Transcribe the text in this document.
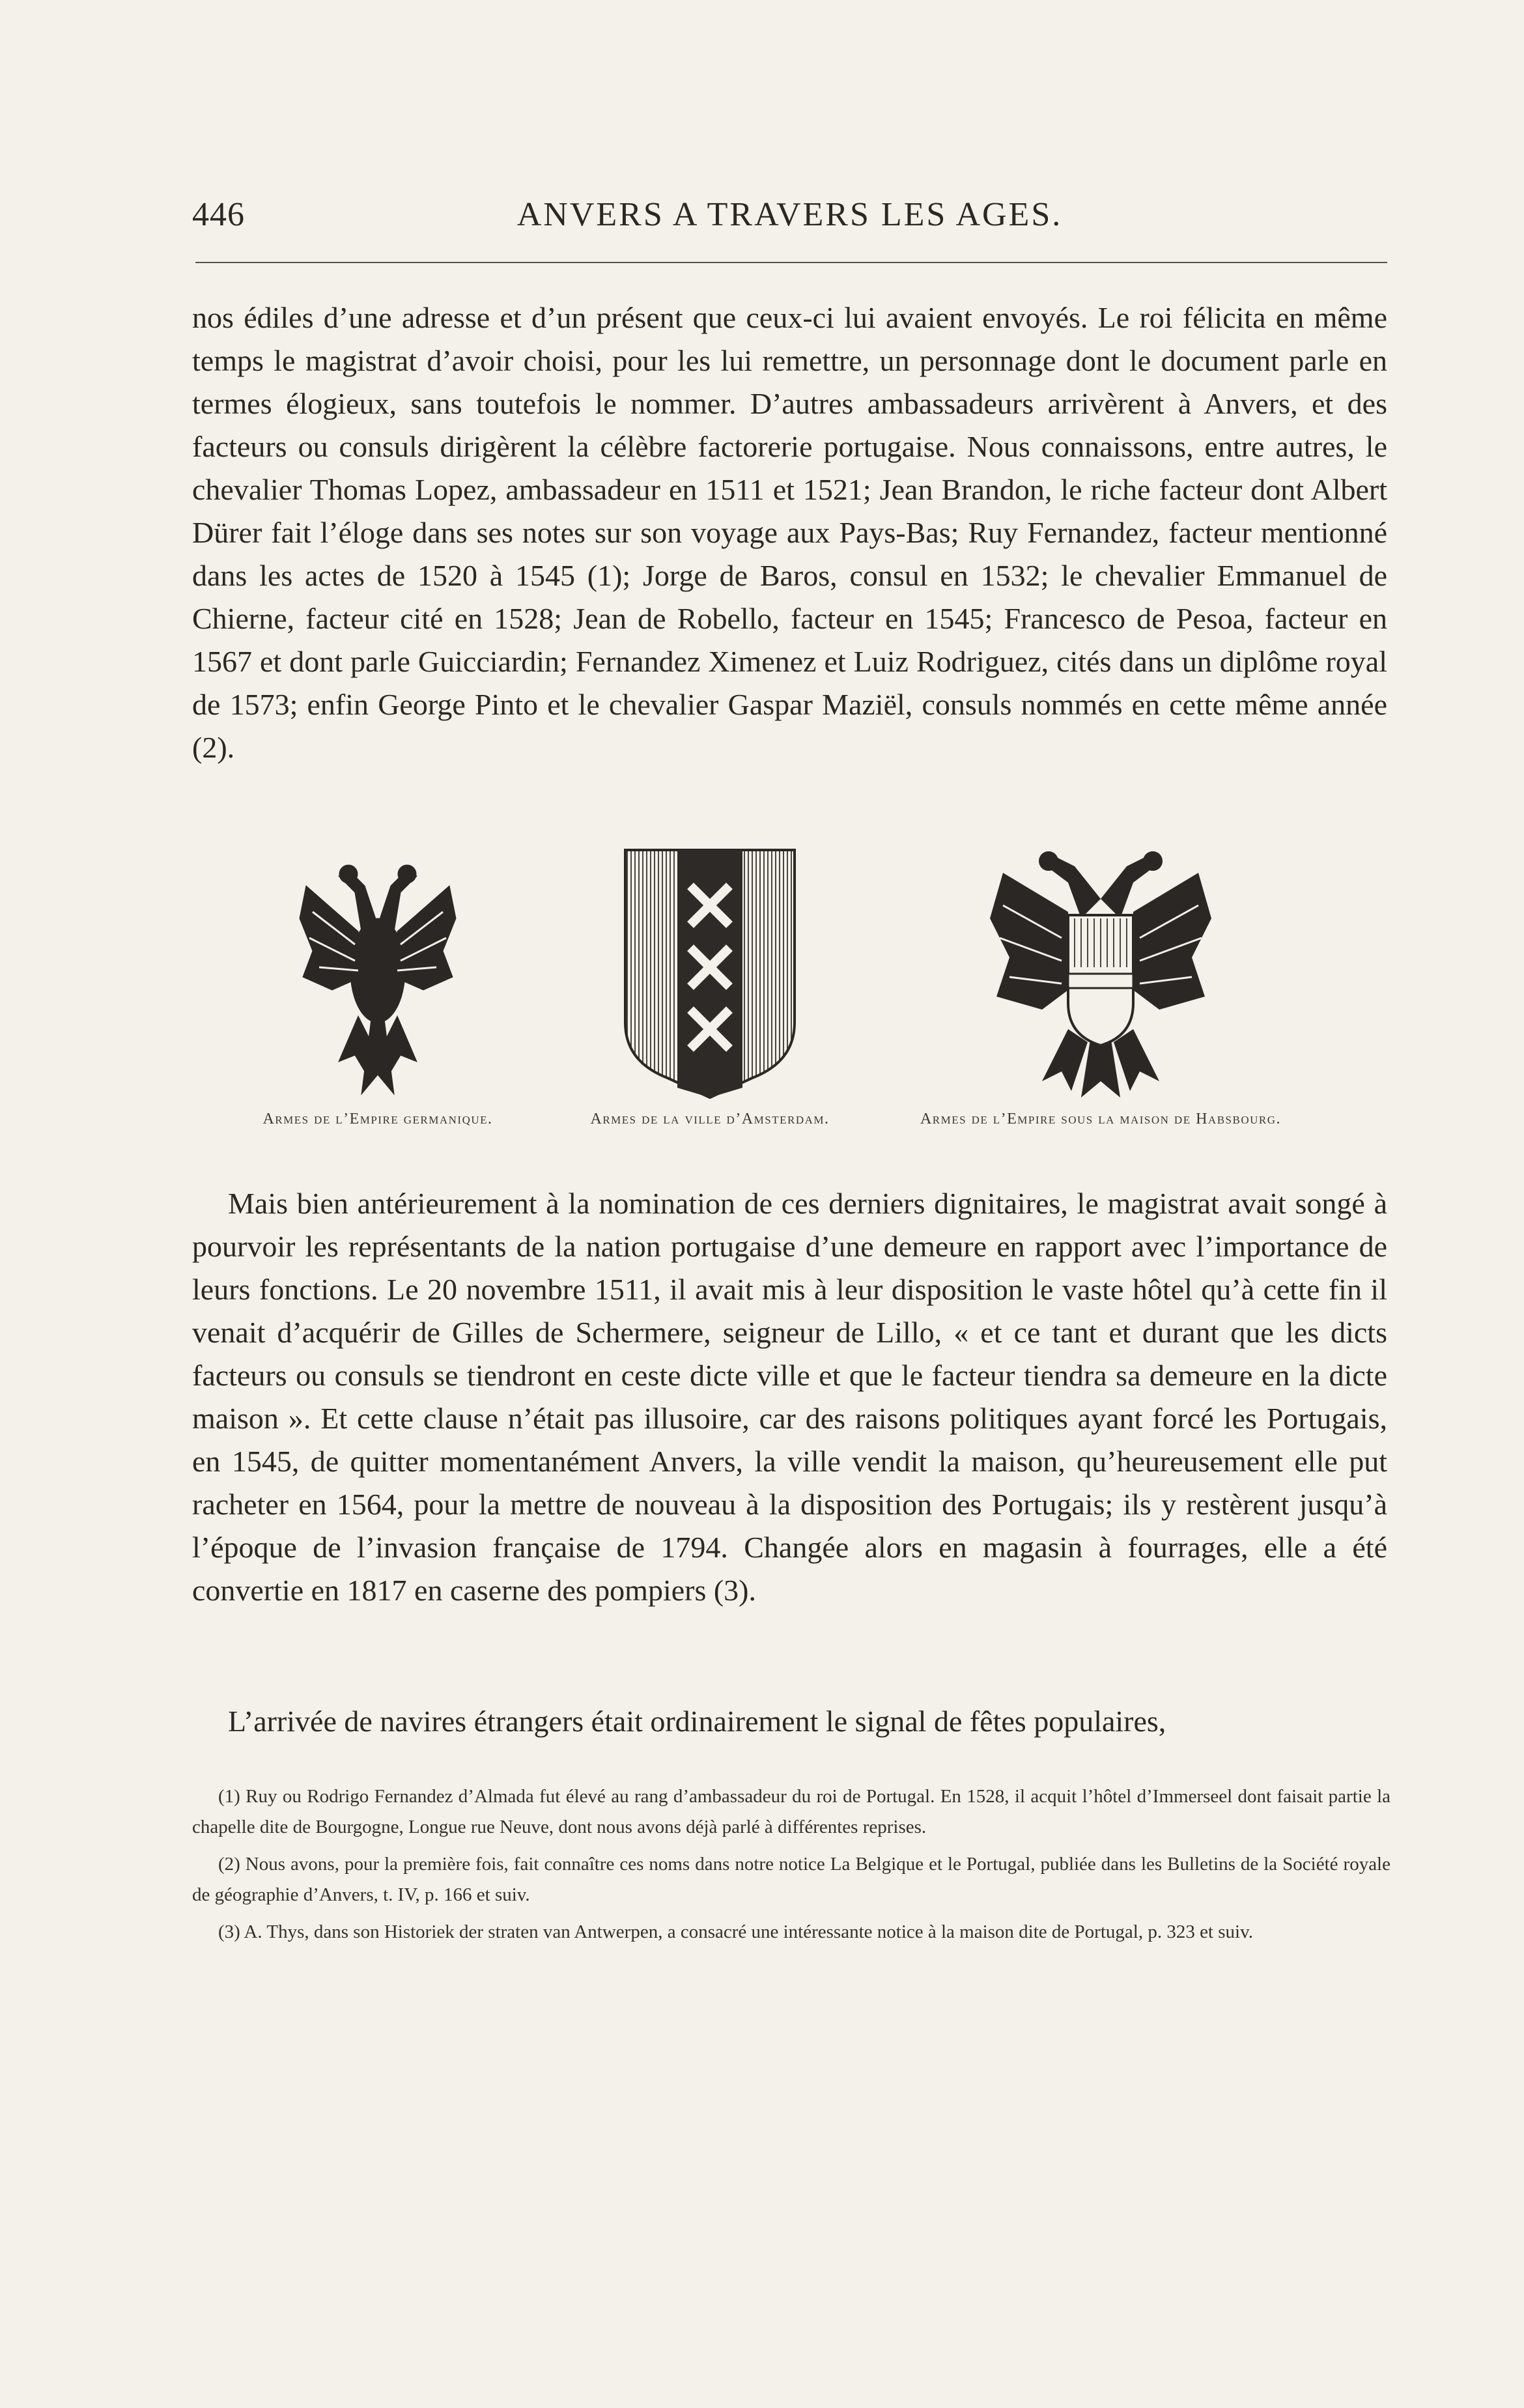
446	ANVERS A TRAVERS LES AGES.

nos édiles d’une adresse et d’un présent que ceux-ci lui avaient envoyés. Le roi félicita en même temps le magistrat d’avoir choisi, pour les lui remettre, un personnage dont le document parle en termes élogieux, sans toutefois le nommer. D’autres ambassadeurs arrivèrent à Anvers, et des facteurs ou consuls dirigèrent la célèbre factorerie portugaise. Nous connaissons, entre autres, le chevalier Thomas Lopez, ambassadeur en 1511 et 1521; Jean Brandon, le riche facteur dont Albert Dürer fait l’éloge dans ses notes sur son voyage aux Pays-Bas; Ruy Fernandez, facteur mentionné dans les actes de 1520 à 1545 (1); Jorge de Baros, consul en 1532; le chevalier Emmanuel de Chierne, facteur cité en 1528; Jean de Robello, facteur en 1545; Francesco de Pesoa, facteur en 1567 et dont parle Guicciardin; Fernandez Ximenez et Luiz Rodriguez, cités dans un diplôme royal de 1573; enfin George Pinto et le chevalier Gaspar Maziël, consuls nommés en cette même année (2).

Armes de l’Empire germanique.	Armes de la ville d’Amsterdam.	Armes de l’Empire sous la maison de Habsbourg.

Mais bien antérieurement à la nomination de ces derniers dignitaires, le magistrat avait songé à pourvoir les représentants de la nation portugaise d’une demeure en rapport avec l’importance de leurs fonctions. Le 20 novembre 1511, il avait mis à leur disposition le vaste hôtel qu’à cette fin il venait d’acquérir de Gilles de Schermere, seigneur de Lillo, « et ce tant et durant que les dicts facteurs ou consuls se tiendront en ceste dicte ville et que le facteur tiendra sa demeure en la dicte maison ». Et cette clause n’était pas illusoire, car des raisons politiques ayant forcé les Portugais, en 1545, de quitter momentanément Anvers, la ville vendit la maison, qu’heureusement elle put racheter en 1564, pour la mettre de nouveau à la disposition des Portugais; ils y restèrent jusqu’à l’époque de l’invasion française de 1794. Changée alors en magasin à fourrages, elle a été convertie en 1817 en caserne des pompiers (3).

L’arrivée de navires étrangers était ordinairement le signal de fêtes populaires,

(1) Ruy ou Rodrigo Fernandez d’Almada fut élevé au rang d’ambassadeur du roi de Portugal. En 1528, il acquit l’hôtel d’Immerseel dont faisait partie la chapelle dite de Bourgogne, Longue rue Neuve, dont nous avons déjà parlé à différentes reprises.

(2) Nous avons, pour la première fois, fait connaître ces noms dans notre notice La Belgique et le Portugal, publiée dans les Bulletins de la Société royale de géographie d’Anvers, t. IV, p. 166 et suiv.

(3) A. Thys, dans son Historiek der straten van Antwerpen, a consacré une intéressante notice à la maison dite de Portugal, p. 323 et suiv.
